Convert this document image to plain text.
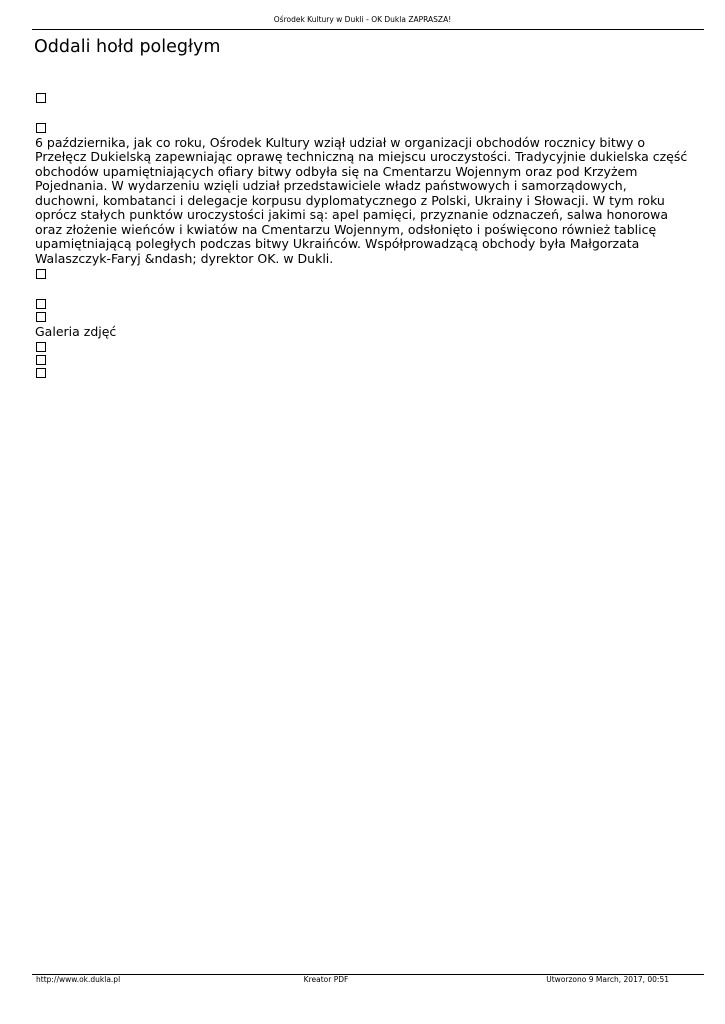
Ośrodek Kultury w Dukli - OK Dukla ZAPRASZA!
Oddali hołd poległym

6 października, jak co roku, Ośrodek Kultury wziął udział w organizacji obchodów rocznicy bitwy o Przełęcz Dukielską zapewniając oprawę techniczną na miejscu uroczystości. Tradycyjnie dukielska część obchodów upamiętniających ofiary bitwy odbyła się na Cmentarzu Wojennym oraz pod Krzyżem Pojednania. W wydarzeniu wzięli udział przedstawiciele władz państwowych i samorządowych, duchowni, kombatanci i delegacje korpusu dyplomatycznego z Polski, Ukrainy i Słowacji. W tym roku oprócz stałych punktów uroczystości jakimi są: apel pamięci, przyznanie odznaczeń, salwa honorowa oraz złożenie wieńców i kwiatów na Cmentarzu Wojennym, odsłonięto i poświęcono również tablicę upamiętniającą poległych podczas bitwy Ukraińców. Współprowadzącą obchody była Małgorzata Walaszczyk-Faryj &ndash; dyrektor OK. w Dukli.

Galeria zdjęć
http://www.ok.dukla.pl	Kreator PDF	Utworzono 9 March, 2017, 00:51
